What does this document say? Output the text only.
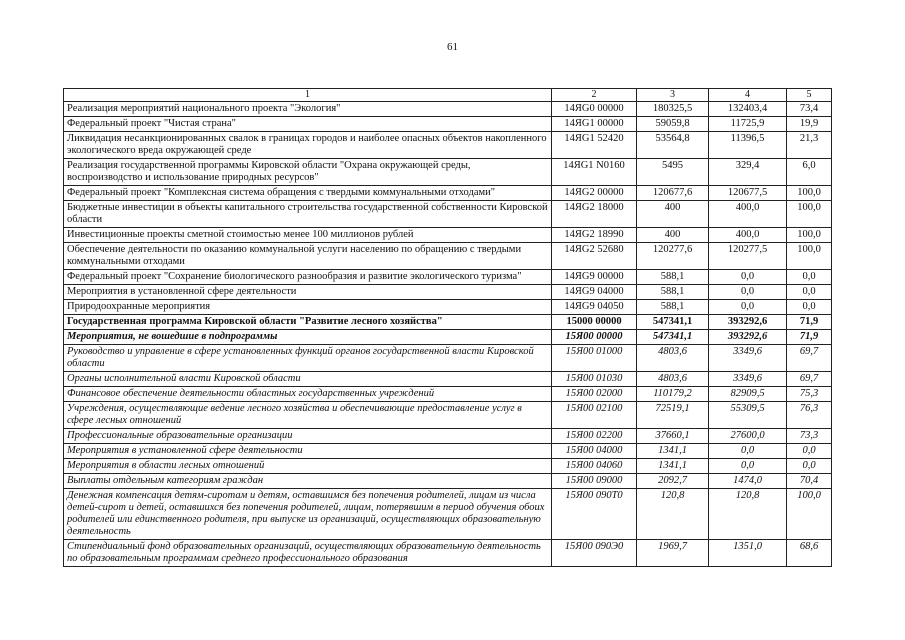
61
1	2	3	4	5
Реализация мероприятий национального проекта "Экология"	14ЯG0 00000	180325,5	132403,4	73,4
Федеральный проект "Чистая страна"	14ЯG1 00000	59059,8	11725,9	19,9
Ликвидация несанкционированных свалок в границах городов и наиболее опасных объектов накопленного экологического вреда окружающей среде	14ЯG1 52420	53564,8	11396,5	21,3
Реализация государственной программы Кировской области "Охрана окружающей среды, воспроизводство и использование природных ресурсов"	14ЯG1 N0160	5495	329,4	6,0
Федеральный проект "Комплексная система обращения с твердыми коммунальными отходами"	14ЯG2 00000	120677,6	120677,5	100,0
Бюджетные инвестиции в объекты капитального строительства государственной собственности Кировской области	14ЯG2 18000	400	400,0	100,0
Инвестиционные проекты сметной стоимостью менее 100 миллионов рублей	14ЯG2 18990	400	400,0	100,0
Обеспечение деятельности по оказанию коммунальной услуги населению по обращению с твердыми коммунальными отходами	14ЯG2 52680	120277,6	120277,5	100,0
Федеральный проект "Сохранение биологического разнообразия и развитие экологического туризма"	14ЯG9 00000	588,1	0,0	0,0
Мероприятия в установленной сфере деятельности	14ЯG9 04000	588,1	0,0	0,0
Природоохранные мероприятия	14ЯG9 04050	588,1	0,0	0,0
Государственная программа Кировской области "Развитие лесного хозяйства"	15000 00000	547341,1	393292,6	71,9
Мероприятия, не вошедшие в подпрограммы	15Я00 00000	547341,1	393292,6	71,9
Руководство и управление в сфере установленных функций органов государственной власти Кировской области	15Я00 01000	4803,6	3349,6	69,7
Органы исполнительной власти Кировской области	15Я00 01030	4803,6	3349,6	69,7
Финансовое обеспечение деятельности областных государственных учреждений	15Я00 02000	110179,2	82909,5	75,3
Учреждения, осуществляющие ведение лесного хозяйства и обеспечивающие предоставление услуг в сфере лесных отношений	15Я00 02100	72519,1	55309,5	76,3
Профессиональные образовательные организации	15Я00 02200	37660,1	27600,0	73,3
Мероприятия в установленной сфере деятельности	15Я00 04000	1341,1	0,0	0,0
Мероприятия в области лесных отношений	15Я00 04060	1341,1	0,0	0,0
Выплаты отдельным категориям граждан	15Я00 09000	2092,7	1474,0	70,4
Денежная компенсация детям-сиротам и детям, оставшимся без попечения родителей, лицам из числа детей-сирот и детей, оставшихся без попечения родителей, лицам, потерявшим в период обучения обоих родителей или единственного родителя, при выпуске из организаций, осуществляющих образовательную деятельность	15Я00 090Т0	120,8	120,8	100,0
Стипендиальный фонд образовательных организаций, осуществляющих образовательную деятельность по образовательным программам среднего профессионального образования	15Я00 090Э0	1969,7	1351,0	68,6
